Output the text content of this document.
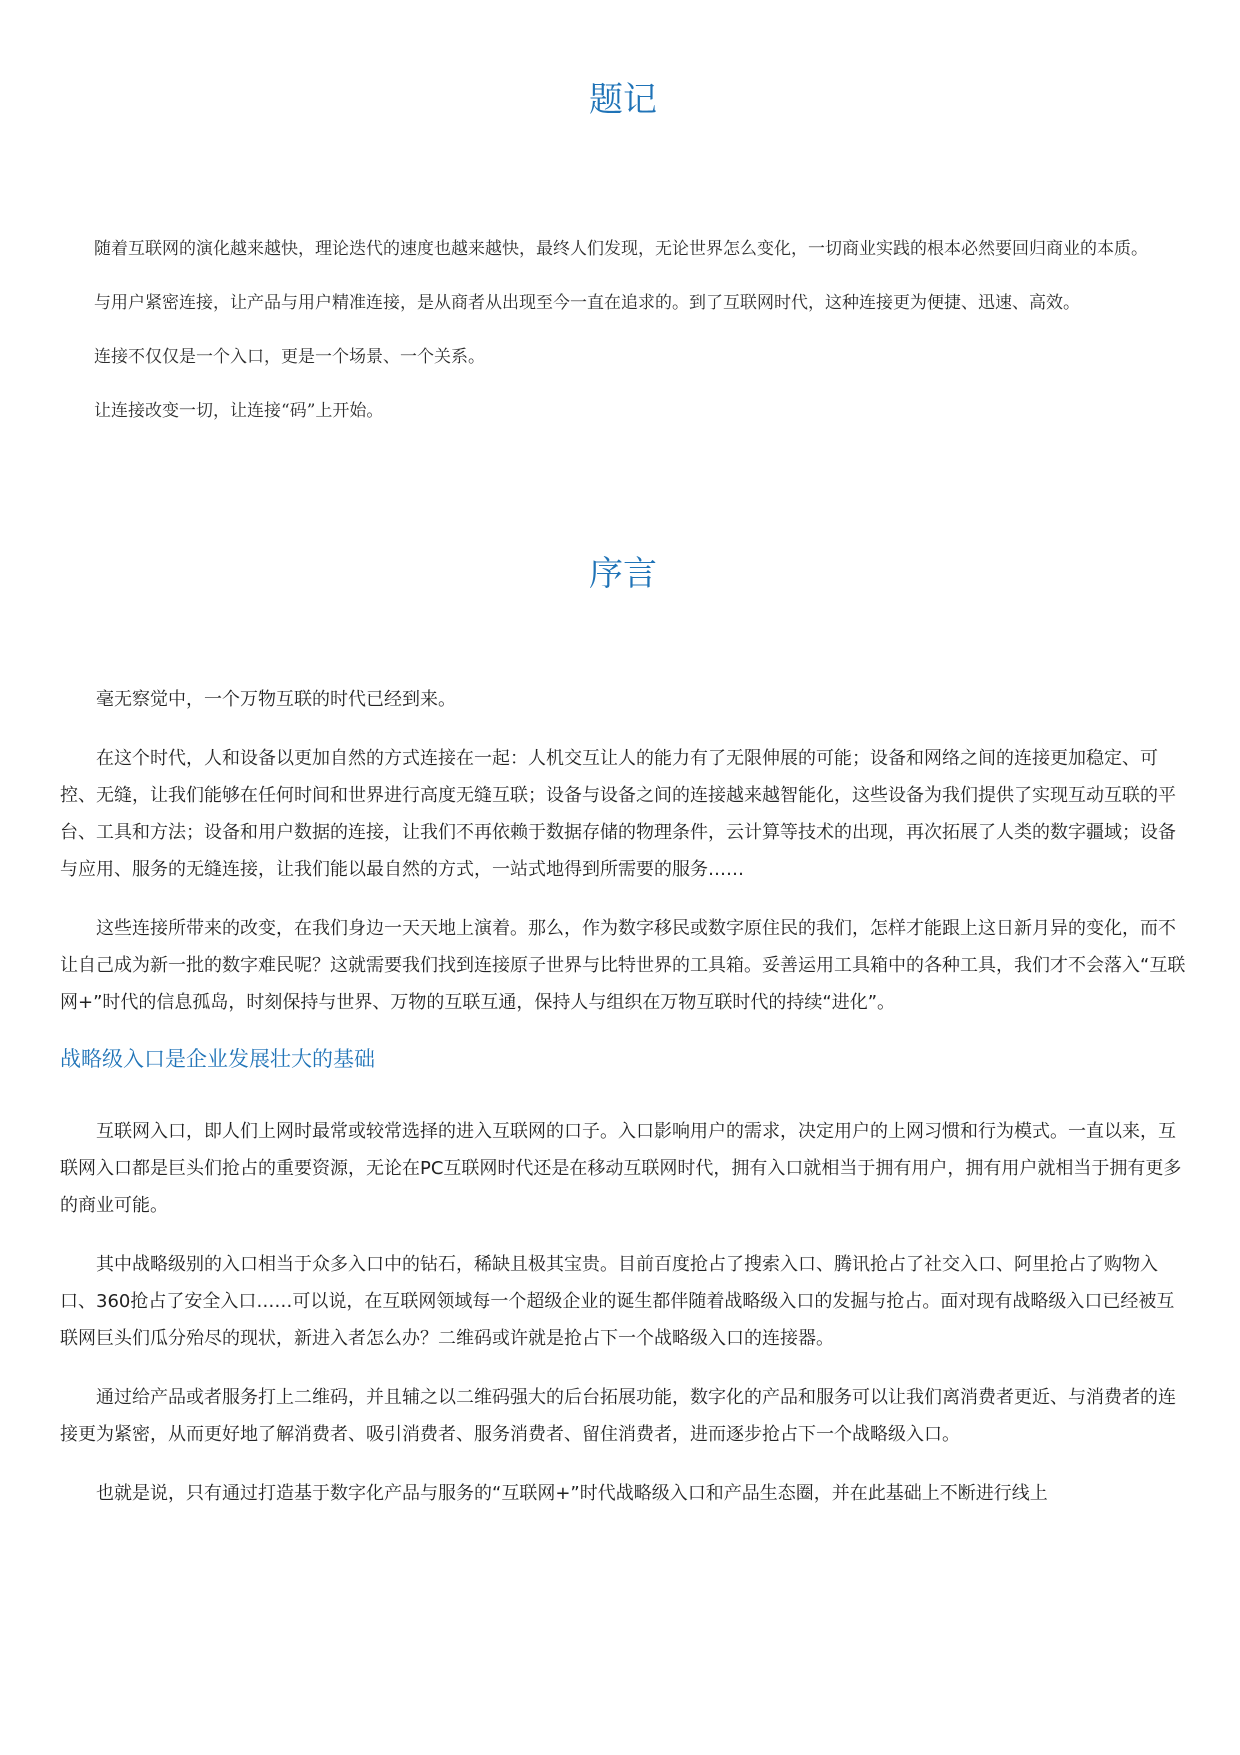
题记

随着互联网的演化越来越快，理论迭代的速度也越来越快，最终人们发现，无论世界怎么变化，一切商业实践的根本必然要回归商业的本质。

与用户紧密连接，让产品与用户精准连接，是从商者从出现至今一直在追求的。到了互联网时代，这种连接更为便捷、迅速、高效。

连接不仅仅是一个入口，更是一个场景、一个关系。

让连接改变一切，让连接“码”上开始。

序言

毫无察觉中，一个万物互联的时代已经到来。

在这个时代，人和设备以更加自然的方式连接在一起：人机交互让人的能力有了无限伸展的可能；设备和网络之间的连接更加稳定、可控、无缝，让我们能够在任何时间和世界进行高度无缝互联；设备与设备之间的连接越来越智能化，这些设备为我们提供了实现互动互联的平台、工具和方法；设备和用户数据的连接，让我们不再依赖于数据存储的物理条件，云计算等技术的出现，再次拓展了人类的数字疆域；设备与应用、服务的无缝连接，让我们能以最自然的方式，一站式地得到所需要的服务……

这些连接所带来的改变，在我们身边一天天地上演着。那么，作为数字移民或数字原住民的我们，怎样才能跟上这日新月异的变化，而不让自己成为新一批的数字难民呢？这就需要我们找到连接原子世界与比特世界的工具箱。妥善运用工具箱中的各种工具，我们才不会落入“互联网+”时代的信息孤岛，时刻保持与世界、万物的互联互通，保持人与组织在万物互联时代的持续“进化”。

战略级入口是企业发展壮大的基础

互联网入口，即人们上网时最常或较常选择的进入互联网的口子。入口影响用户的需求，决定用户的上网习惯和行为模式。一直以来，互联网入口都是巨头们抢占的重要资源，无论在PC互联网时代还是在移动互联网时代，拥有入口就相当于拥有用户，拥有用户就相当于拥有更多的商业可能。

其中战略级别的入口相当于众多入口中的钻石，稀缺且极其宝贵。目前百度抢占了搜索入口、腾讯抢占了社交入口、阿里抢占了购物入口、360抢占了安全入口……可以说，在互联网领域每一个超级企业的诞生都伴随着战略级入口的发掘与抢占。面对现有战略级入口已经被互联网巨头们瓜分殆尽的现状，新进入者怎么办？二维码或许就是抢占下一个战略级入口的连接器。

通过给产品或者服务打上二维码，并且辅之以二维码强大的后台拓展功能，数字化的产品和服务可以让我们离消费者更近、与消费者的连接更为紧密，从而更好地了解消费者、吸引消费者、服务消费者、留住消费者，进而逐步抢占下一个战略级入口。

也就是说，只有通过打造基于数字化产品与服务的“互联网+”时代战略级入口和产品生态圈，并在此基础上不断进行线上
